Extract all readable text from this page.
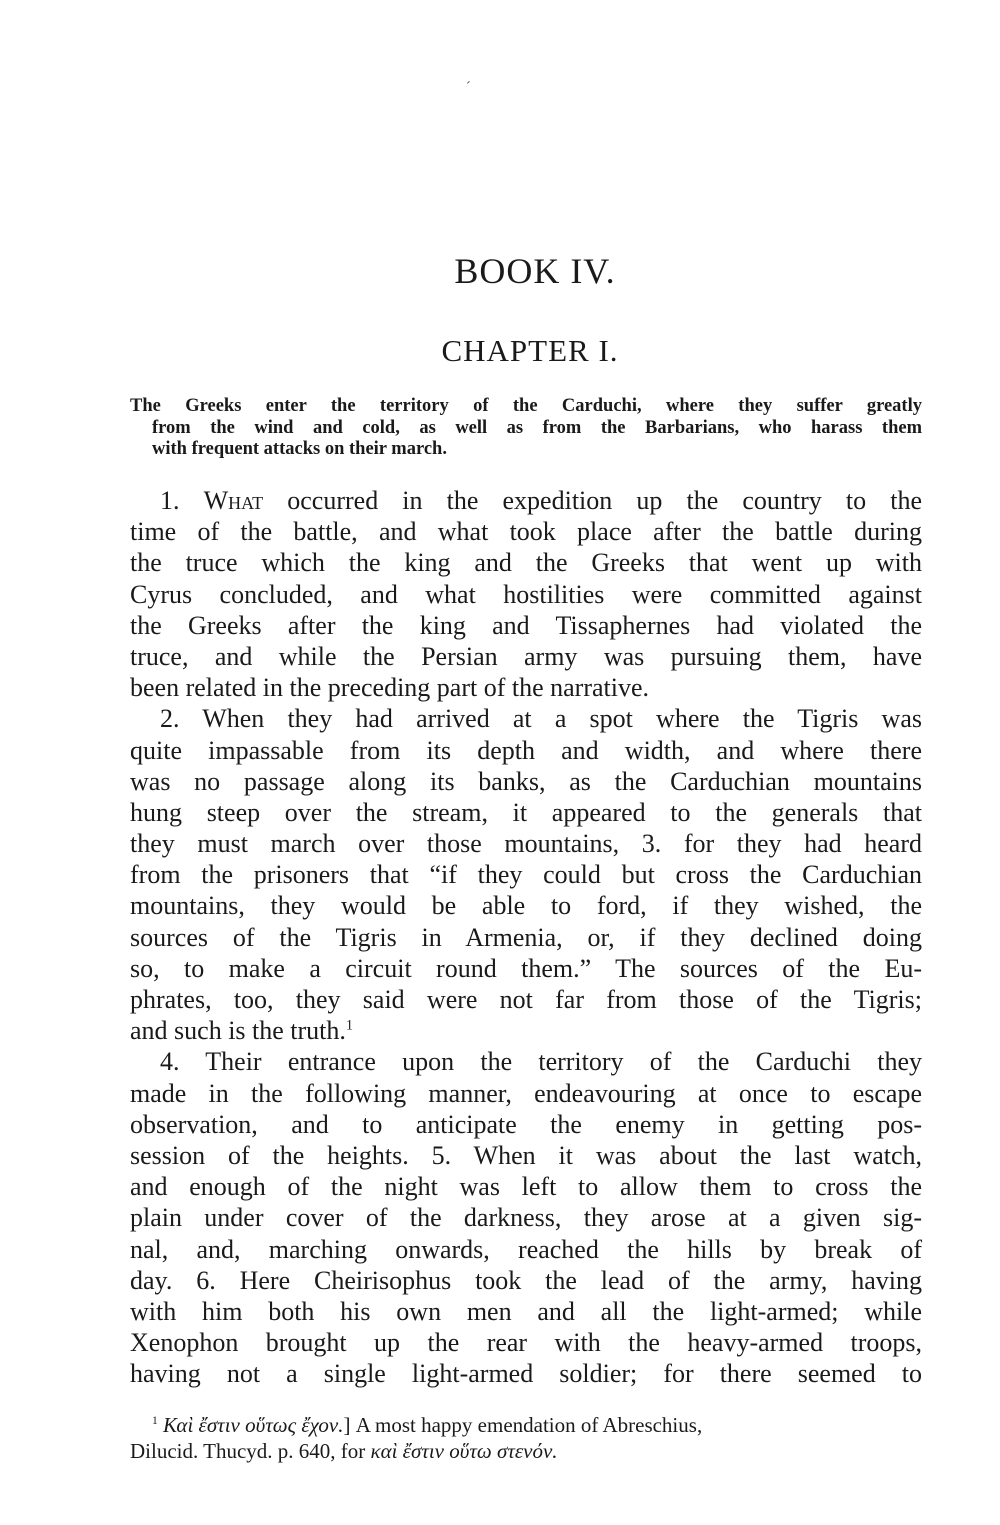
´
BOOK IV.
CHAPTER I.
The Greeks enter the territory of the Carduchi, where they suffer greatly
from the wind and cold, as well as from the Barbarians, who harass them
with frequent attacks on their march.
1. What occurred in the expedition up the country to the
time of the battle, and what took place after the battle during
the truce which the king and the Greeks that went up with
Cyrus concluded, and what hostilities were committed against
the Greeks after the king and Tissaphernes had violated the
truce, and while the Persian army was pursuing them, have
been related in the preceding part of the narrative.
2. When they had arrived at a spot where the Tigris was
quite impassable from its depth and width, and where there
was no passage along its banks, as the Carduchian mountains
hung steep over the stream, it appeared to the generals that
they must march over those mountains, 3. for they had heard
from the prisoners that “if they could but cross the Carduchian
mountains, they would be able to ford, if they wished, the
sources of the Tigris in Armenia, or, if they declined doing
so, to make a circuit round them.” The sources of the Eu-
phrates, too, they said were not far from those of the Tigris;
and such is the truth.$^1$
4. Their entrance upon the territory of the Carduchi they
made in the following manner, endeavouring at once to escape
observation, and to anticipate the enemy in getting pos-
session of the heights. 5. When it was about the last watch,
and enough of the night was left to allow them to cross the
plain under cover of the darkness, they arose at a given sig-
nal, and, marching onwards, reached the hills by break of
day. 6. Here Cheirisophus took the lead of the army, having
with him both his own men and all the light-armed; while
Xenophon brought up the rear with the heavy-armed troops,
having not a single light-armed soldier; for there seemed to
$^1$ Καὶ ἔστιν οὕτως ἔχον.] A most happy emendation of Abreschius,
Dilucid. Thucyd. p. 640, for καὶ ἔστιν οὕτω στενόν.
